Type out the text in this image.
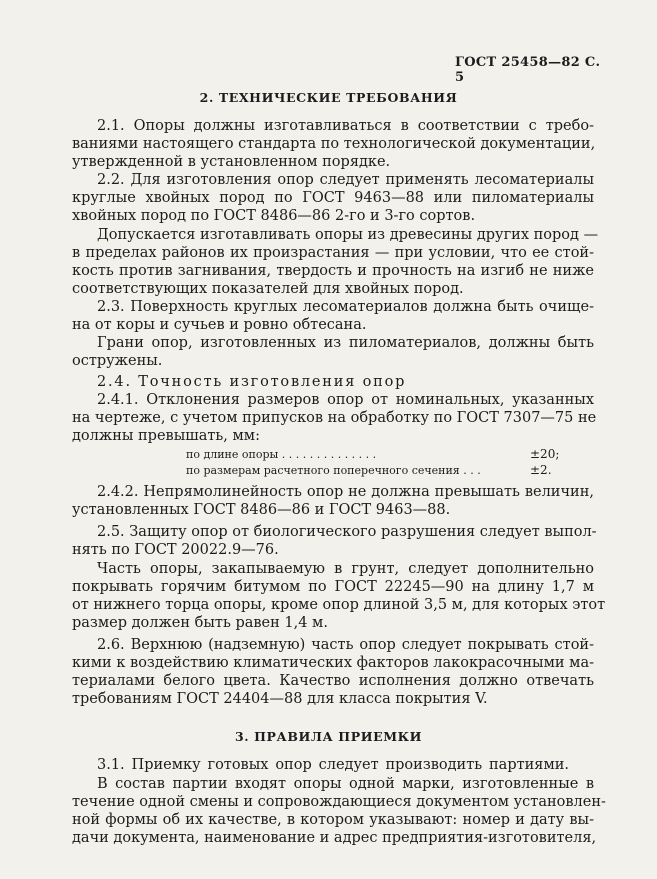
ГОСТ 25458—82 С. 5
2. ТЕХНИЧЕСКИЕ ТРЕБОВАНИЯ
2.1. Опоры должны изготавливаться в соответствии с требо-
ваниями настоящего стандарта по технологической документации,
утвержденной в установленном порядке.
2.2. Для изготовления опор следует применять лесоматериалы
круглые хвойных пород по ГОСТ 9463—88 или пиломатериалы
хвойных пород по ГОСТ 8486—86 2-го и 3-го сортов.
Допускается изготавливать опоры из древесины других пород —
в пределах районов их произрастания — при условии, что ее стой-
кость против загнивания, твердость и прочность на изгиб не ниже
соответствующих показателей для хвойных пород.
2.3. Поверхность круглых лесоматериалов должна быть очище-
на от коры и сучьев и ровно обтесана.
Грани опор, изготовленных из пиломатериалов, должны быть
остружены.
2.4. Точность изготовления опор
2.4.1. Отклонения размеров опор от номинальных, указанных
на чертеже, с учетом припусков на обработку по ГОСТ 7307—75 не
должны превышать, мм:
по длине опоры . . . . . . . . . . . . . .	±20;
по размерам расчетного поперечного сечения . . .	±2.
2.4.2. Непрямолинейность опор не должна превышать величин,
установленных ГОСТ 8486—86 и ГОСТ 9463—88.
2.5. Защиту опор от биологического разрушения следует выпол-
нять по ГОСТ 20022.9—76.
Часть опоры, закапываемую в грунт, следует дополнительно
покрывать горячим битумом по ГОСТ 22245—90 на длину 1,7 м
от нижнего торца опоры, кроме опор длиной 3,5 м, для которых этот
размер должен быть равен 1,4 м.
2.6. Верхнюю (надземную) часть опор следует покрывать стой-
кими к воздействию климатических факторов лакокрасочными ма-
териалами белого цвета. Качество исполнения должно отвечать
требованиям ГОСТ 24404—88 для класса покрытия V.
3. ПРАВИЛА ПРИЕМКИ
3.1. Приемку готовых опор следует производить партиями.
В состав партии входят опоры одной марки, изготовленные в
течение одной смены и сопровождающиеся документом установлен-
ной формы об их качестве, в котором указывают: номер и дату вы-
дачи документа, наименование и адрес предприятия-изготовителя,
